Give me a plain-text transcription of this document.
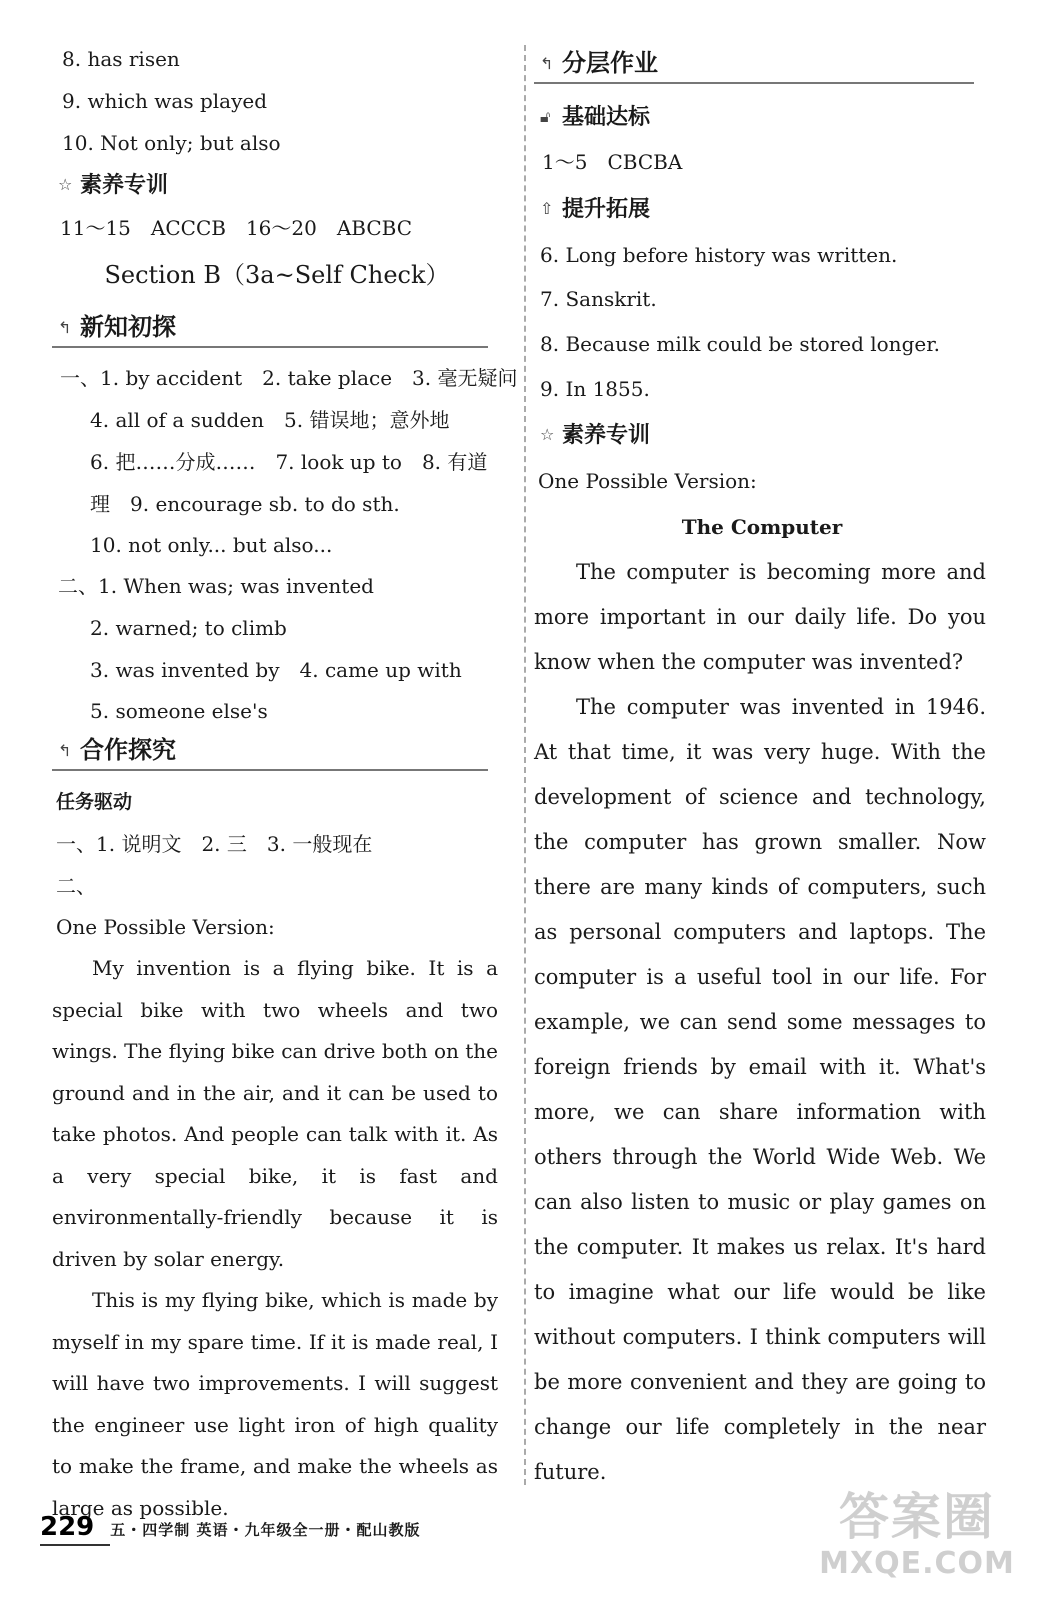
8. has risen
9. which was played
10. Not only; but also
☆ 素养专训
11～15　ACCCB　16～20　ABCBC
Section B（3a~Self Check）
↰ 新知初探
一、1. by accident　2. take place　3. 毫无疑问
4. all of a sudden　5. 错误地；意外地
6. 把……分成……　7. look up to　8. 有道
理　9. encourage sb. to do sth.
10. not only... but also...
二、1. When was; was invented
2. warned; to climb
3. was invented by　4. came up with
5. someone else's
↰ 合作探究
任务驱动
一、1. 说明文　2. 三　3. 一般现在
二、
One Possible Version:

My invention is a flying bike. It is a special bike with two wheels and two wings. The flying bike can drive both on the ground and in the air, and it can be used to take photos. And people can talk with it. As a very special bike, it is fast and environmentally-friendly because it is driven by solar energy.

This is my flying bike, which is made by myself in my spare time. If it is made real, I will have two improvements. I will suggest the engineer use light iron of high quality to make the frame, and make the wheels as large as possible.

↰ 分层作业
🔓︎ 基础达标
1～5　CBCBA
⇧ 提升拓展
6. Long before history was written.
7. Sanskrit.
8. Because milk could be stored longer.
9. In 1855.
☆ 素养专训
One Possible Version:
The Computer

The computer is becoming more and more important in our daily life. Do you know when the computer was invented?

The computer was invented in 1946. At that time, it was very huge. With the development of science and technology, the computer has grown smaller. Now there are many kinds of computers, such as personal computers and laptops. The computer is a useful tool in our life. For example, we can send some messages to foreign friends by email with it. What's more, we can share information with others through the World Wide Web. We can also listen to music or play games on the computer. It makes us relax. It's hard to imagine what our life would be like without computers. I think computers will be more convenient and they are going to change our life completely in the near future.

229 五・四学制 英语・九年级全一册・配山教版	答案圈
MXQE.COM
